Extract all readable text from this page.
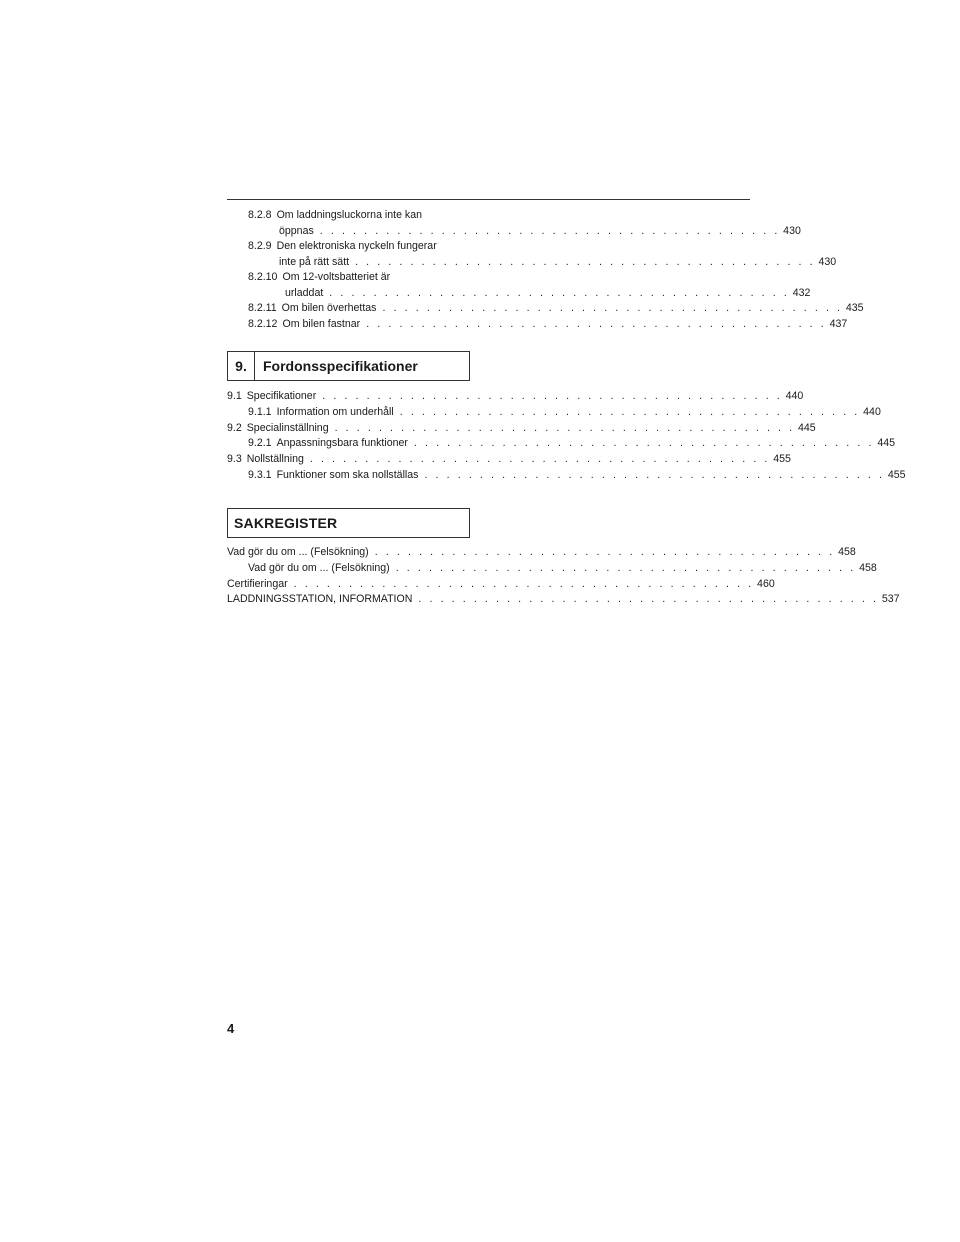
8.2.8 Om laddningsluckorna inte kan
öppnas . . . . . . . . . . . . . . . . . . . . . . . . . . . . . . . . . . . . . . . . . . 430
8.2.9 Den elektroniska nyckeln fungerar
inte på rätt sätt . . . . . . . . . . . . . . . . . . . . . . . . . . . . . . . . . . . . . . . . . . 430
8.2.10 Om 12-voltsbatteriet är
urladdat . . . . . . . . . . . . . . . . . . . . . . . . . . . . . . . . . . . . . . . . . . 432
8.2.11 Om bilen överhettas . . . . . . . . . . . . . . . . . . . . . . . . . . . . . . . . . . . . . . . . . . 435
8.2.12 Om bilen fastnar . . . . . . . . . . . . . . . . . . . . . . . . . . . . . . . . . . . . . . . . . . 437
9.	Fordonsspecifikationer
9.1 Specifikationer . . . . . . . . . . . . . . . . . . . . . . . . . . . . . . . . . . . . . . . . . . 440
9.1.1 Information om underhåll . . . . . . . . . . . . . . . . . . . . . . . . . . . . . . . . . . . . . . . . . . 440
9.2 Specialinställning . . . . . . . . . . . . . . . . . . . . . . . . . . . . . . . . . . . . . . . . . . 445
9.2.1 Anpassningsbara funktioner . . . . . . . . . . . . . . . . . . . . . . . . . . . . . . . . . . . . . . . . . . 445
9.3 Nollställning . . . . . . . . . . . . . . . . . . . . . . . . . . . . . . . . . . . . . . . . . . 455
9.3.1 Funktioner som ska nollställas . . . . . . . . . . . . . . . . . . . . . . . . . . . . . . . . . . . . . . . . . . 455
SAKREGISTER
Vad gör du om ... (Felsökning) . . . . . . . . . . . . . . . . . . . . . . . . . . . . . . . . . . . . . . . . . . 458
Vad gör du om ... (Felsökning) . . . . . . . . . . . . . . . . . . . . . . . . . . . . . . . . . . . . . . . . . . 458
Certifieringar . . . . . . . . . . . . . . . . . . . . . . . . . . . . . . . . . . . . . . . . . . 460
LADDNINGSSTATION, INFORMATION . . . . . . . . . . . . . . . . . . . . . . . . . . . . . . . . . . . . . . . . . . 537
4
